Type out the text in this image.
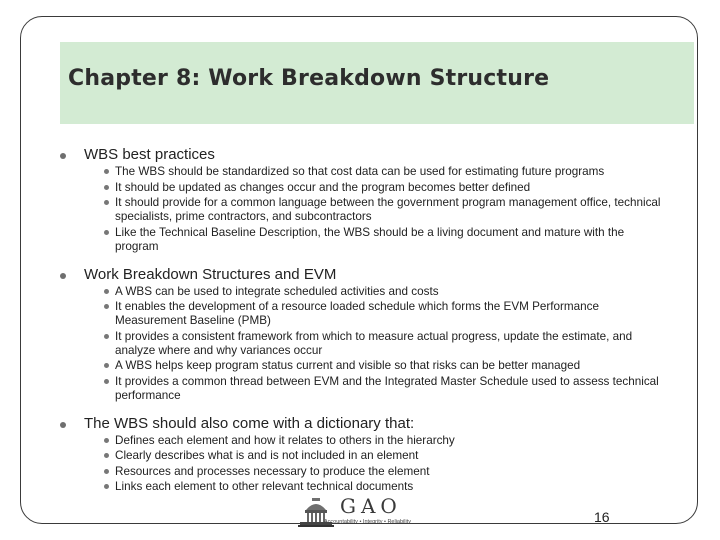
Chapter 8: Work Breakdown Structure
WBS best practices
The WBS should be standardized so that cost data can be used for estimating future programs
It should be updated as changes occur and the program becomes better defined
It should provide for a common language between the government program management office, technical specialists, prime contractors, and subcontractors
Like the Technical Baseline Description, the WBS should be a living document and mature with the program
Work Breakdown Structures and EVM
A WBS can be used to integrate scheduled activities and costs
It enables the development of a resource loaded schedule which forms the EVM Performance Measurement Baseline (PMB)
It provides a consistent framework from which to measure actual progress, update the estimate, and analyze where and why variances occur
A WBS helps keep program status current and visible so that risks can be better managed
It provides a common thread between EVM and the Integrated Master Schedule used to assess technical performance
The WBS should also come with a dictionary that:
Defines each element and how it relates to others in the hierarchy
Clearly describes what is and is not included in an element
Resources and processes necessary to produce the element
Links each element to other relevant technical documents
GAO
Accountability • Integrity • Reliability	16
